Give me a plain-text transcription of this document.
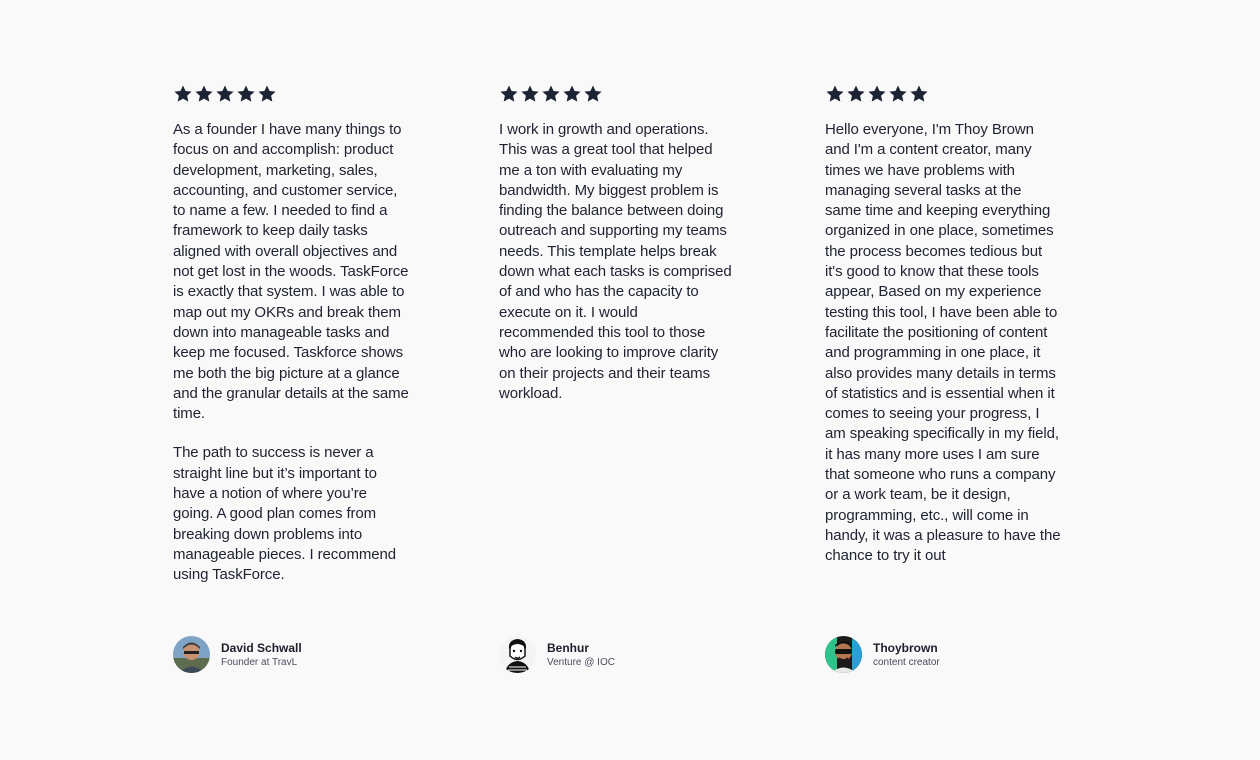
As a founder I have many things to focus on and accomplish: product development, marketing, sales, accounting, and customer service, to name a few. I needed to find a framework to keep daily tasks aligned with overall objectives and not get lost in the woods. TaskForce is exactly that system. I was able to map out my OKRs and break them down into manageable tasks and keep me focused. Taskforce shows me both the big picture at a glance and the granular details at the same time.

The path to success is never a straight line but it’s important to have a notion of where you’re going. A good plan comes from breaking down problems into manageable pieces. I recommend using TaskForce.

I work in growth and operations. This was a great tool that helped me a ton with evaluating my bandwidth. My biggest problem is finding the balance between doing outreach and supporting my teams needs. This template helps break down what each tasks is comprised of and who has the capacity to execute on it. I would recommended this tool to those who are looking to improve clarity on their projects and their teams workload.

Hello everyone, I'm Thoy Brown and I'm a content creator, many times we have problems with managing several tasks at the same time and keeping everything organized in one place, sometimes the process becomes tedious but it's good to know that these tools appear, Based on my experience testing this tool, I have been able to facilitate the positioning of content and programming in one place, it also provides many details in terms of statistics and is essential when it comes to seeing your progress, I am speaking specifically in my field, it has many more uses I am sure that someone who runs a company or a work team, be it design, programming, etc., will come in handy, it was a pleasure to have the chance to try it out

David Schwall
Founder at TravL
Benhur
Venture @ IOC
Thoybrown
content creator
